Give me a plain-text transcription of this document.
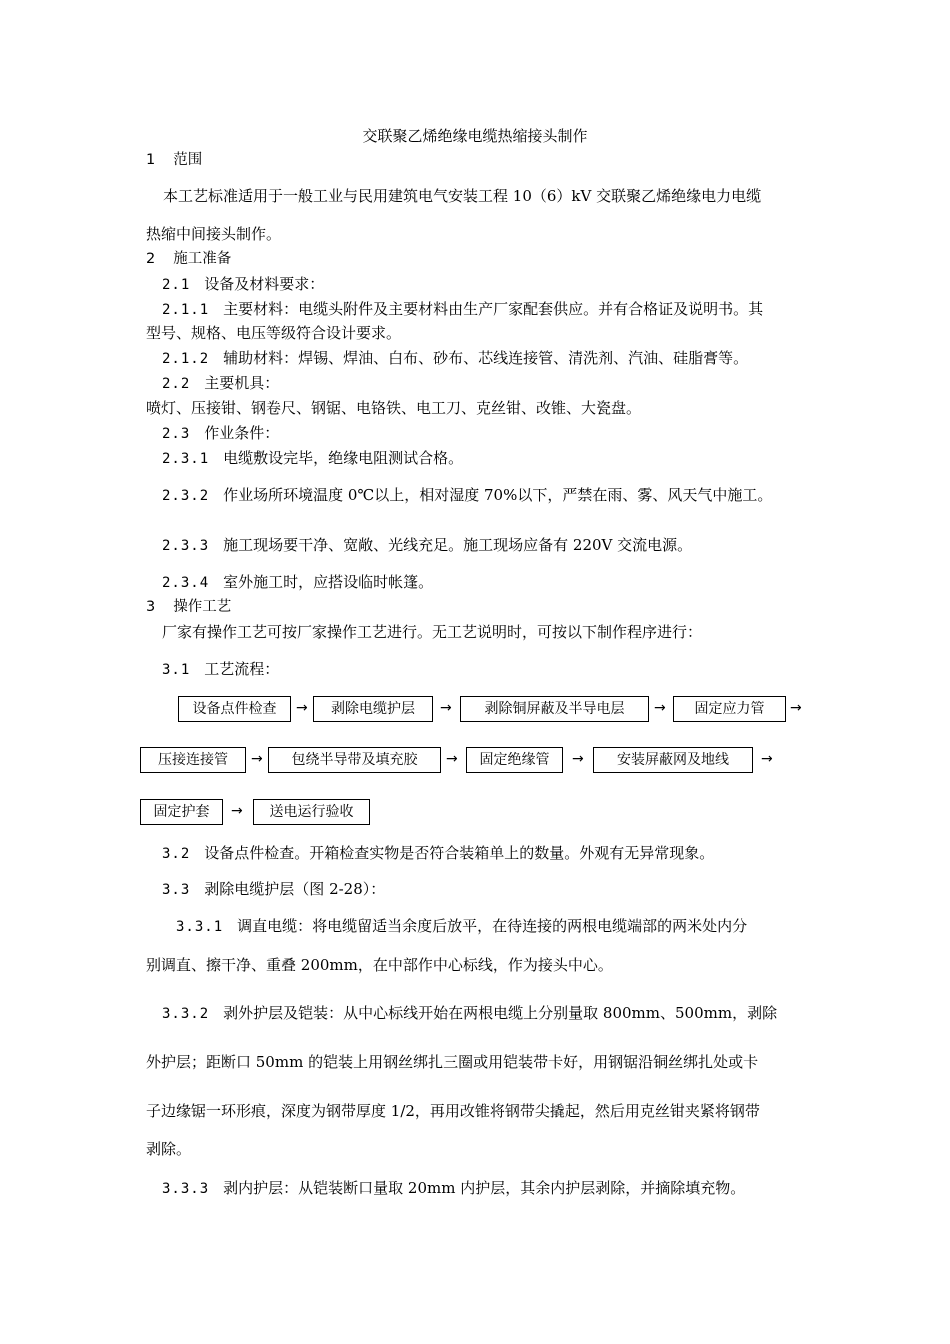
交联聚乙烯绝缘电缆热缩接头制作
1 范围
本工艺标准适用于一般工业与民用建筑电气安装工程 10（6）kV 交联聚乙烯绝缘电力电缆
热缩中间接头制作。
2 施工准备
2.1 设备及材料要求：
2.1.1 主要材料：电缆头附件及主要材料由生产厂家配套供应。并有合格证及说明书。其
型号、规格、电压等级符合设计要求。
2.1.2 辅助材料：焊锡、焊油、白布、砂布、芯线连接管、清洗剂、汽油、硅脂膏等。
2.2 主要机具：
喷灯、压接钳、钢卷尺、钢锯、电铬铁、电工刀、克丝钳、改锥、大瓷盘。
2.3 作业条件：
2.3.1 电缆敷设完毕，绝缘电阻测试合格。
2.3.2 作业场所环境温度 0℃以上，相对湿度 70%以下，严禁在雨、雾、风天气中施工。
2.3.3 施工现场要干净、宽敞、光线充足。施工现场应备有 220V 交流电源。
2.3.4 室外施工时，应搭设临时帐篷。
3 操作工艺
厂家有操作工艺可按厂家操作工艺进行。无工艺说明时，可按以下制作程序进行：
3.1 工艺流程：
设备点件检查	→	剥除电缆护层	→	剥除铜屏蔽及半导电层	→	固定应力管	→
压接连接管	→	包绕半导带及填充胶	→	固定绝缘管	→	安装屏蔽网及地线	→
固定护套	→	送电运行验收
3.2 设备点件检查。开箱检查实物是否符合装箱单上的数量。外观有无异常现象。
3.3 剥除电缆护层（图 2-28）：
3.3.1 调直电缆：将电缆留适当余度后放平，在待连接的两根电缆端部的两米处内分
别调直、擦干净、重叠 200mm，在中部作中心标线，作为接头中心。
3.3.2 剥外护层及铠装：从中心标线开始在两根电缆上分别量取 800mm、500mm，剥除
外护层；距断口 50mm 的铠装上用钢丝绑扎三圈或用铠装带卡好，用钢锯沿铜丝绑扎处或卡
子边缘锯一环形痕，深度为钢带厚度 1/2，再用改锥将钢带尖撬起，然后用克丝钳夹紧将钢带
剥除。
3.3.3 剥内护层：从铠装断口量取 20mm 内护层，其余内护层剥除，并摘除填充物。
